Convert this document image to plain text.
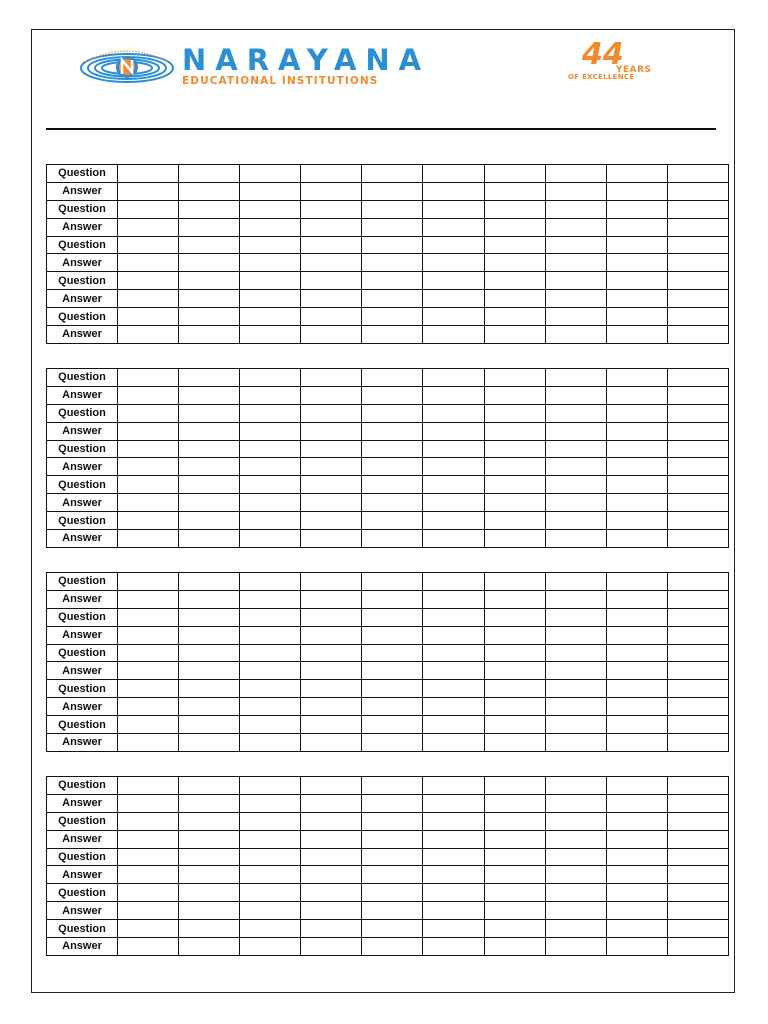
NARAYANA
EDUCATIONAL INSTITUTIONS
44
YEARS
OF EXCELLENCE
Question										
Answer										
Question										
Answer										
Question										
Answer										
Question										
Answer										
Question										
Answer										
Question										
Answer										
Question										
Answer										
Question										
Answer										
Question										
Answer										
Question										
Answer										
Question										
Answer										
Question										
Answer										
Question										
Answer										
Question										
Answer										
Question										
Answer										
Question										
Answer										
Question										
Answer										
Question										
Answer										
Question										
Answer										
Question										
Answer										
